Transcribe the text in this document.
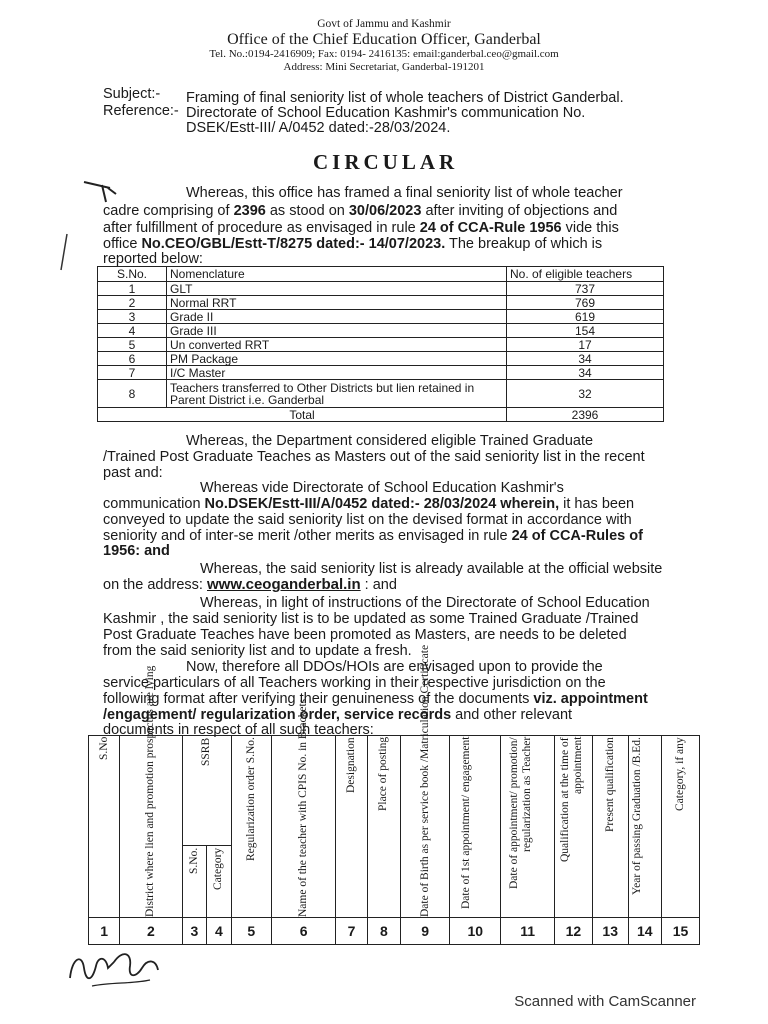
Govt of Jammu and Kashmir
Office of the Chief Education Officer, Ganderbal
Tel. No.:0194-2416909; Fax: 0194- 2416135: email:ganderbal.ceo@gmail.com
Address: Mini Secretariat, Ganderbal-191201
Subject:- Framing of final seniority list of whole teachers of District Ganderbal.
Reference:- Directorate of School Education Kashmir's communication No.
DSEK/Estt-III/ A/0452 dated:-28/03/2024.
CIRCULAR
Whereas, this office has framed a final seniority list of whole teacher
cadre comprising of 2396 as stood on 30/06/2023 after inviting of objections and
after fulfillment of procedure as envisaged in rule 24 of CCA-Rule 1956 vide this
office No.CEO/GBL/Estt-T/8275 dated:- 14/07/2023. The breakup of which is
reported below:
S.No.	Nomenclature	No. of eligible teachers
1	GLT	737
2	Normal RRT	769
3	Grade II	619
4	Grade III	154
5	Un converted RRT	17
6	PM Package	34
7	I/C Master	34
8	Teachers transferred to Other Districts but lien retained in Parent District i.e. Ganderbal	32
Total		2396
Whereas, the Department considered eligible Trained Graduate
/Trained Post Graduate Teaches as Masters out of the said seniority list in the recent
past and:
Whereas vide Directorate of School Education Kashmir's
communication No.DSEK/Estt-III/A/0452 dated:- 28/03/2024 wherein, it has been
conveyed to update the said seniority list on the devised format in accordance with
seniority and of inter-se merit /other merits as envisaged in rule 24 of CCA-Rules of
1956: and
Whereas, the said seniority list is already available at the official website
on the address: www.ceoganderbal.in : and
Whereas, in light of instructions of the Directorate of School Education
Kashmir , the said seniority list is to be updated as some Trained Graduate /Trained
Post Graduate Teaches have been promoted as Masters, are needs to be deleted
from the said seniority list and to update a fresh.
Now, therefore all DDOs/HOIs are envisaged upon to provide the
service particulars of all Teachers working in their respective jurisdiction on the
following format after verifying their genuineness of the documents viz. appointment
/engagement/ regularization order, service records and other relevant
documents in respect of all such teachers:
S.No	District where lien and promotion prospectus are lying	SSRB		Regularization order S.No.	Name of the teacher with CPIS No. in Brackets	Designation	Place of posting	Date of Birth as per service book /Matriculation Certificate	Date of 1st appointment/ engagement	Date of appointment/ promotion/ regularization as Teacher	Qualification at the time of appointment	Present qualification	Year of passing Graduation /B.Ed.	Category, if any

		S.No.	Category											

1	2	3	4	5	6	7	8	9	10	11	12	13	14	15
Scanned with CamScanner
